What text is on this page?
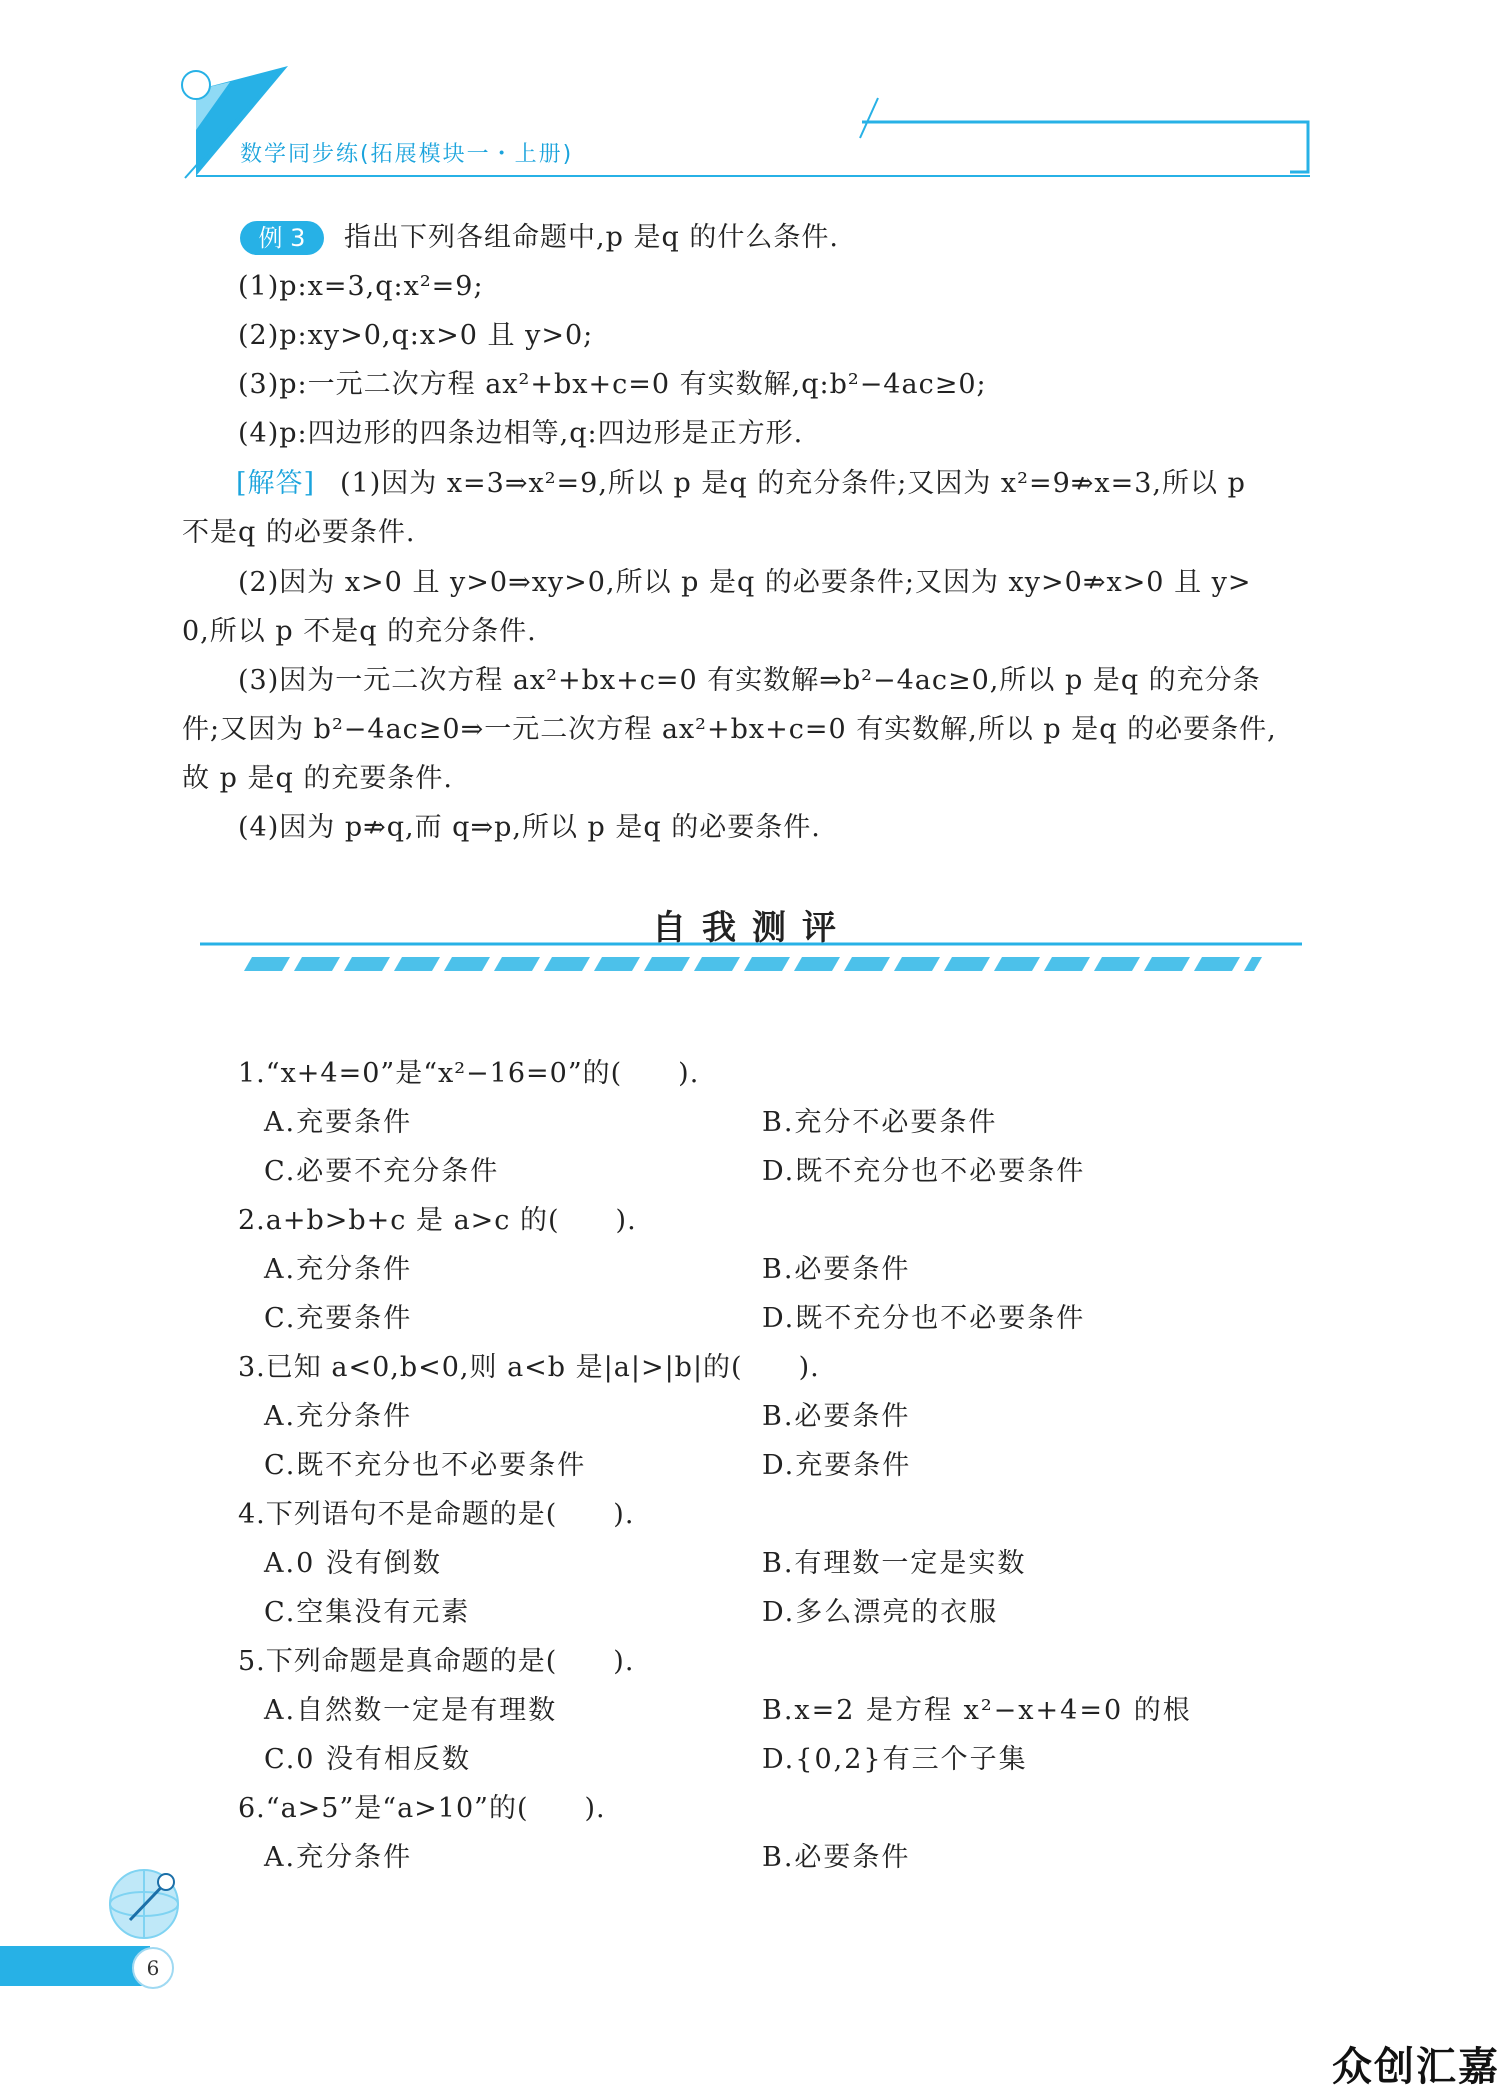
数学同步练(拓展模块一・上册)
例 3	指出下列各组命题中,p 是q 的什么条件.
(1)p:x=3,q:x²=9;
(2)p:xy>0,q:x>0 且 y>0;
(3)p:一元二次方程 ax²+bx+c=0 有实数解,q:b²−4ac≥0;
(4)p:四边形的四条边相等,q:四边形是正方形.
[解答] (1)因为 x=3⇒x²=9,所以 p 是q 的充分条件;又因为 x²=9⇏x=3,所以 p
不是q 的必要条件.
(2)因为 x>0 且 y>0⇒xy>0,所以 p 是q 的必要条件;又因为 xy>0⇏x>0 且 y>
0,所以 p 不是q 的充分条件.
(3)因为一元二次方程 ax²+bx+c=0 有实数解⇒b²−4ac≥0,所以 p 是q 的充分条
件;又因为 b²−4ac≥0⇒一元二次方程 ax²+bx+c=0 有实数解,所以 p 是q 的必要条件,
故 p 是q 的充要条件.
(4)因为 p⇏q,而 q⇒p,所以 p 是q 的必要条件.
自我测评
1.“x+4=0”是“x²−16=0”的(　　).
A.充要条件	B.充分不必要条件
C.必要不充分条件	D.既不充分也不必要条件
2.a+b>b+c 是 a>c 的(　　).
A.充分条件	B.必要条件
C.充要条件	D.既不充分也不必要条件
3.已知 a<0,b<0,则 a<b 是|a|>|b|的(　　).
A.充分条件	B.必要条件
C.既不充分也不必要条件	D.充要条件
4.下列语句不是命题的是(　　).
A.0 没有倒数	B.有理数一定是实数
C.空集没有元素	D.多么漂亮的衣服
5.下列命题是真命题的是(　　).
A.自然数一定是有理数	B.x=2 是方程 x²−x+4=0 的根
C.0 没有相反数	D.{0,2}有三个子集
6.“a>5”是“a>10”的(　　).
A.充分条件	B.必要条件
6
众创汇嘉
